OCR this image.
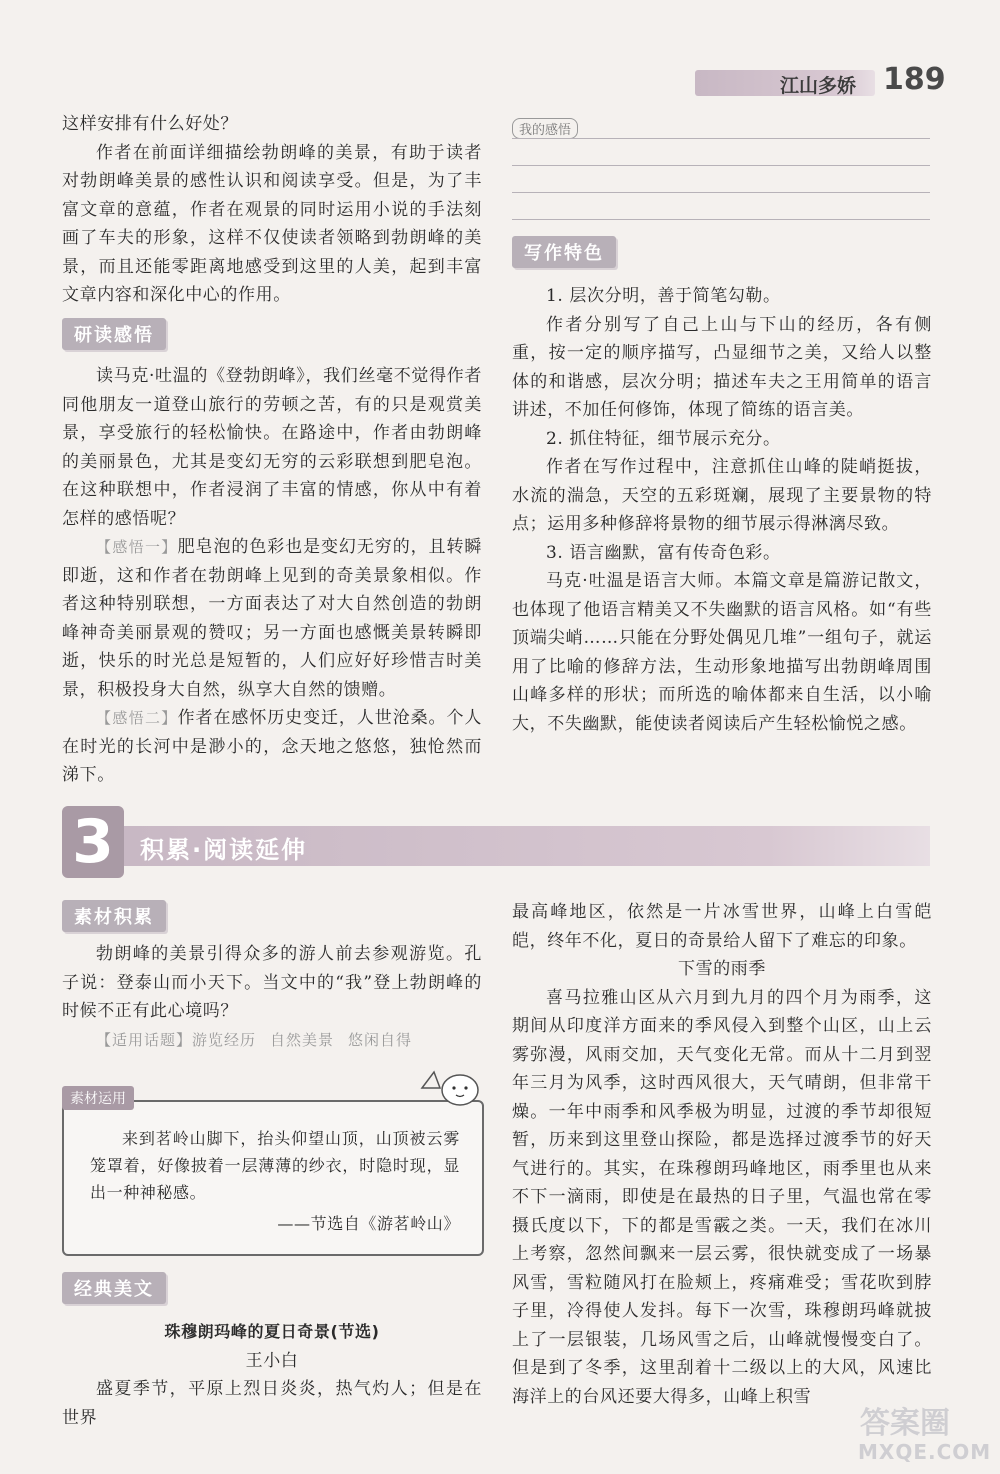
江山多娇 189

这样安排有什么好处？

作者在前面详细描绘勃朗峰的美景，有助于读者对勃朗峰美景的感性认识和阅读享受。但是，为了丰富文章的意蕴，作者在观景的同时运用小说的手法刻画了车夫的形象，这样不仅使读者领略到勃朗峰的美景，而且还能零距离地感受到这里的人美，起到丰富文章内容和深化中心的作用。

研读感悟

读马克·吐温的《登勃朗峰》，我们丝毫不觉得作者同他朋友一道登山旅行的劳顿之苦，有的只是观赏美景，享受旅行的轻松愉快。在路途中，作者由勃朗峰的美丽景色，尤其是变幻无穷的云彩联想到肥皂泡。在这种联想中，作者浸润了丰富的情感，你从中有着怎样的感悟呢？

【感悟一】肥皂泡的色彩也是变幻无穷的，且转瞬即逝，这和作者在勃朗峰上见到的奇美景象相似。作者这种特别联想，一方面表达了对大自然创造的勃朗峰神奇美丽景观的赞叹；另一方面也感慨美景转瞬即逝，快乐的时光总是短暂的，人们应好好珍惜吉时美景，积极投身大自然，纵享大自然的馈赠。

【感悟二】作者在感怀历史变迁，人世沧桑。个人在时光的长河中是渺小的，念天地之悠悠，独怆然而涕下。

我的感悟
写作特色

1. 层次分明，善于简笔勾勒。

作者分别写了自己上山与下山的经历，各有侧重，按一定的顺序描写，凸显细节之美，又给人以整体的和谐感，层次分明；描述车夫之王用简单的语言讲述，不加任何修饰，体现了简练的语言美。

2. 抓住特征，细节展示充分。

作者在写作过程中，注意抓住山峰的陡峭挺拔，水流的湍急，天空的五彩斑斓，展现了主要景物的特点；运用多种修辞将景物的细节展示得淋漓尽致。

3. 语言幽默，富有传奇色彩。

马克·吐温是语言大师。本篇文章是篇游记散文，也体现了他语言精美又不失幽默的语言风格。如“有些顶端尖峭……只能在分野处偶见几堆”一组句子，就运用了比喻的修辞方法，生动形象地描写出勃朗峰周围山峰多样的形状；而所选的喻体都来自生活，以小喻大，不失幽默，能使读者阅读后产生轻松愉悦之感。

3	积累·阅读延伸
素材积累

勃朗峰的美景引得众多的游人前去参观游览。孔子说：登泰山而小天下。当文中的“我”登上勃朗峰的时候不正有此心境吗？

【适用话题】游览经历 自然美景 悠闲自得

素材运用

来到茗岭山脚下，抬头仰望山顶，山顶被云雾笼罩着，好像披着一层薄薄的纱衣，时隐时现，显出一种神秘感。

——节选自《游茗岭山》

经典美文

珠穆朗玛峰的夏日奇景(节选)

王小白

盛夏季节，平原上烈日炎炎，热气灼人；但是在世界

最高峰地区，依然是一片冰雪世界，山峰上白雪皑皑，终年不化，夏日的奇景给人留下了难忘的印象。

下雪的雨季

喜马拉雅山区从六月到九月的四个月为雨季，这期间从印度洋方面来的季风侵入到整个山区，山上云雾弥漫，风雨交加，天气变化无常。而从十二月到翌年三月为风季，这时西风很大，天气晴朗，但非常干燥。一年中雨季和风季极为明显，过渡的季节却很短暂，历来到这里登山探险，都是选择过渡季节的好天气进行的。其实，在珠穆朗玛峰地区，雨季里也从来不下一滴雨，即使是在最热的日子里，气温也常在零摄氏度以下，下的都是雪霰之类。一天，我们在冰川上考察，忽然间飘来一层云雾，很快就变成了一场暴风雪，雪粒随风打在脸颊上，疼痛难受；雪花吹到脖子里，冷得使人发抖。每下一次雪，珠穆朗玛峰就披上了一层银装，几场风雪之后，山峰就慢慢变白了。但是到了冬季，这里刮着十二级以上的大风，风速比海洋上的台风还要大得多，山峰上积雪

答案圈
MXQE.COM
